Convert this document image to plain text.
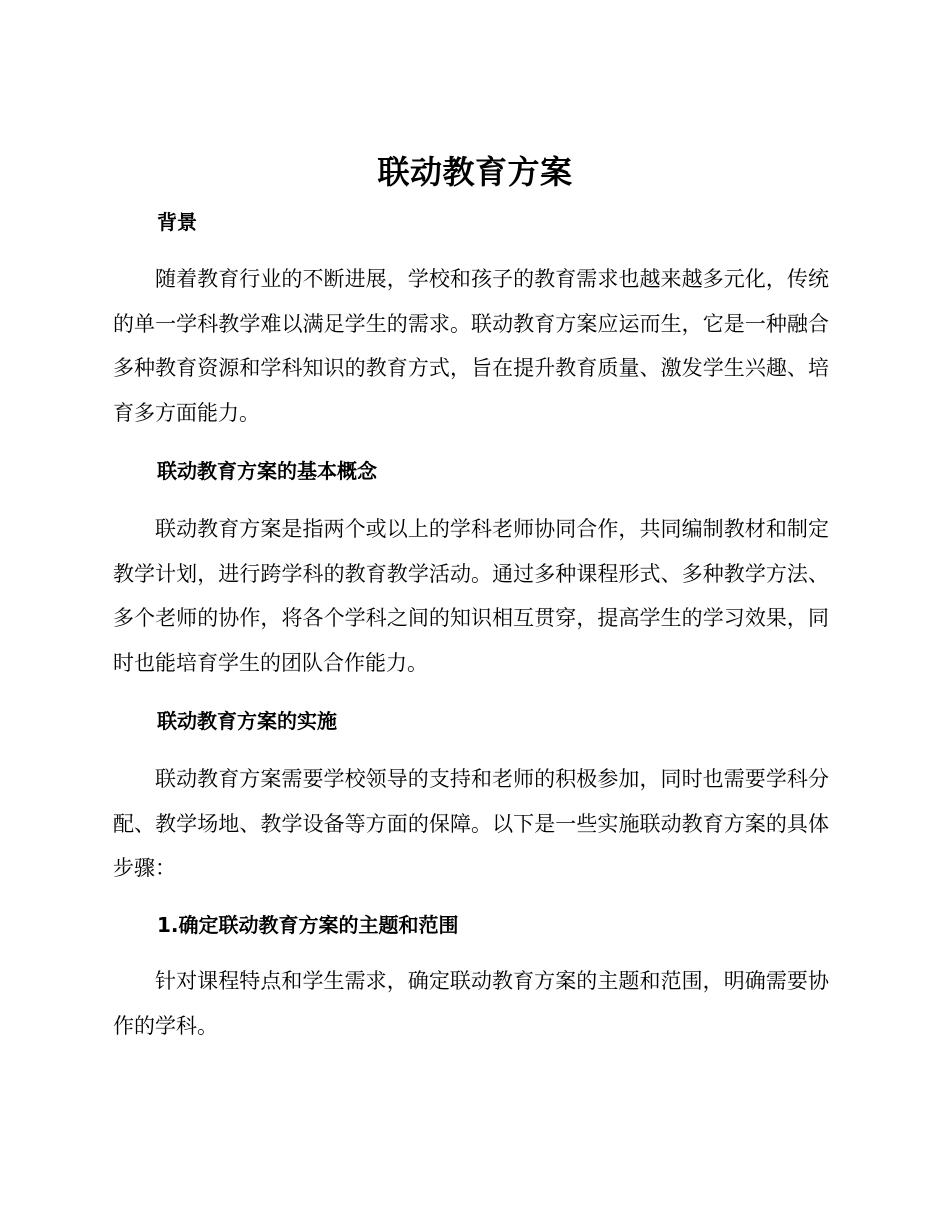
联动教育方案
背景

随着教育行业的不断进展，学校和孩子的教育需求也越来越多元化，传统的单一学科教学难以满足学生的需求。联动教育方案应运而生，它是一种融合多种教育资源和学科知识的教育方式，旨在提升教育质量、激发学生兴趣、培育多方面能力。

联动教育方案的基本概念

联动教育方案是指两个或以上的学科老师协同合作，共同编制教材和制定教学计划，进行跨学科的教育教学活动。通过多种课程形式、多种教学方法、多个老师的协作，将各个学科之间的知识相互贯穿，提高学生的学习效果，同时也能培育学生的团队合作能力。

联动教育方案的实施

联动教育方案需要学校领导的支持和老师的积极参加，同时也需要学科分配、教学场地、教学设备等方面的保障。以下是一些实施联动教育方案的具体步骤：

1.确定联动教育方案的主题和范围

针对课程特点和学生需求，确定联动教育方案的主题和范围，明确需要协作的学科。
